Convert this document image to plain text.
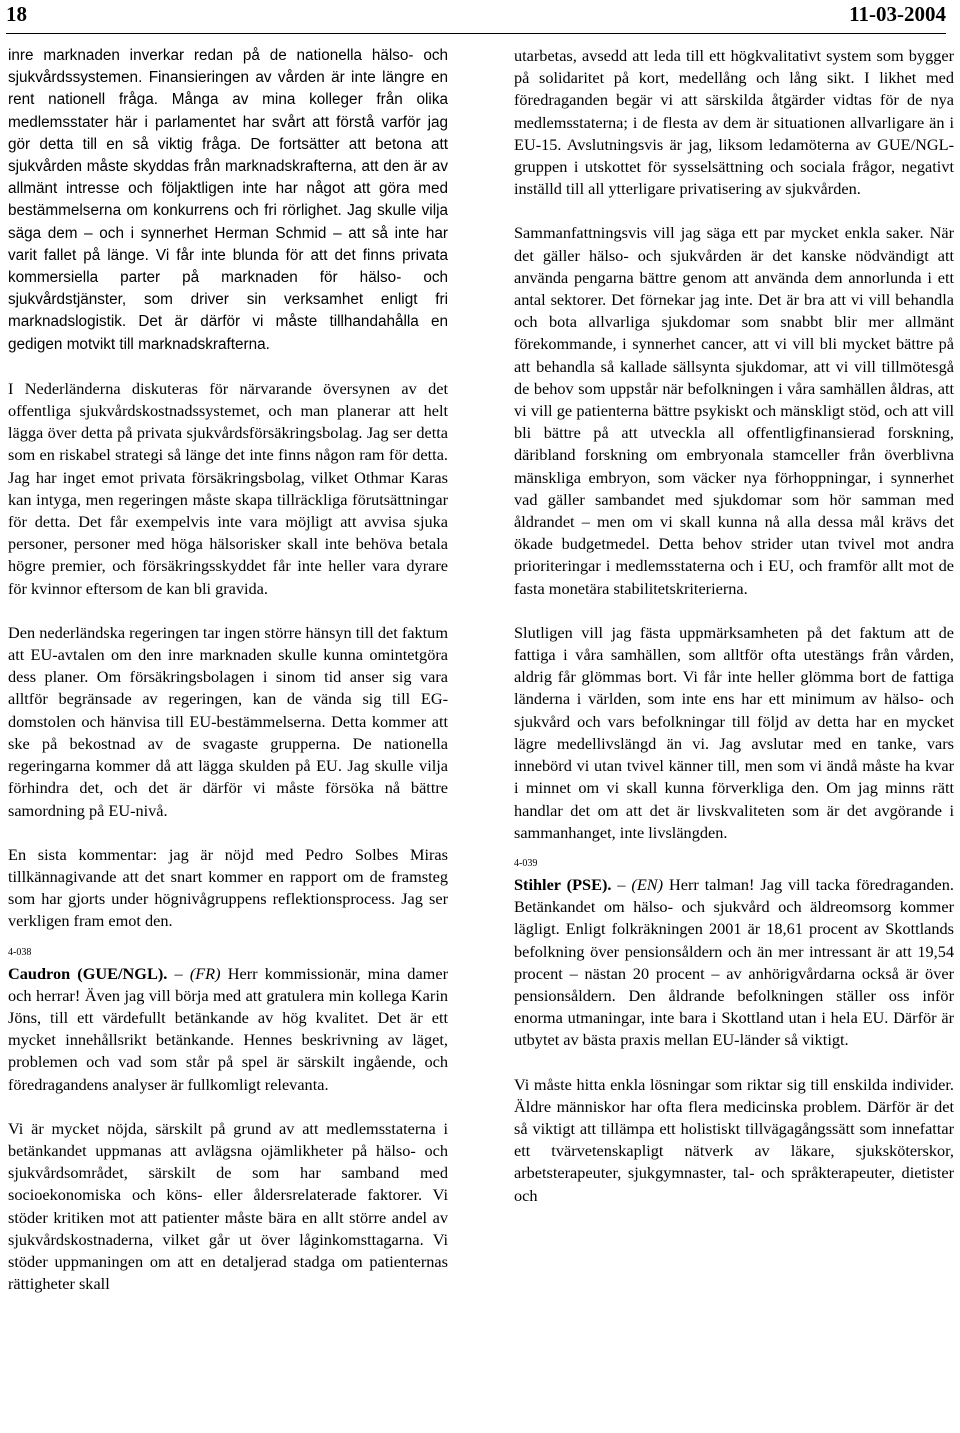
18	11-03-2004

inre marknaden inverkar redan på de nationella hälso- och sjukvårdssystemen. Finansieringen av vården är inte längre en rent nationell fråga. Många av mina kolleger från olika medlemsstater här i parlamentet har svårt att förstå varför jag gör detta till en så viktig fråga. De fortsätter att betona att sjukvården måste skyddas från marknadskrafterna, att den är av allmänt intresse och följaktligen inte har något att göra med bestämmelserna om konkurrens och fri rörlighet. Jag skulle vilja säga dem – och i synnerhet Herman Schmid – att så inte har varit fallet på länge. Vi får inte blunda för att det finns privata kommersiella parter på marknaden för hälso- och sjukvårdstjänster, som driver sin verksamhet enligt fri marknadslogistik. Det är därför vi måste tillhandahålla en gedigen motvikt till marknadskrafterna.

I Nederländerna diskuteras för närvarande översynen av det offentliga sjukvårdskostnadssystemet, och man planerar att helt lägga över detta på privata sjukvårdsförsäkringsbolag. Jag ser detta som en riskabel strategi så länge det inte finns någon ram för detta. Jag har inget emot privata försäkringsbolag, vilket Othmar Karas kan intyga, men regeringen måste skapa tillräckliga förutsättningar för detta. Det får exempelvis inte vara möjligt att avvisa sjuka personer, personer med höga hälsorisker skall inte behöva betala högre premier, och försäkringsskyddet får inte heller vara dyrare för kvinnor eftersom de kan bli gravida.

Den nederländska regeringen tar ingen större hänsyn till det faktum att EU-avtalen om den inre marknaden skulle kunna omintetgöra dess planer. Om försäkringsbolagen i sinom tid anser sig vara alltför begränsade av regeringen, kan de vända sig till EG-domstolen och hänvisa till EU-bestämmelserna. Detta kommer att ske på bekostnad av de svagaste grupperna. De nationella regeringarna kommer då att lägga skulden på EU. Jag skulle vilja förhindra det, och det är därför vi måste försöka nå bättre samordning på EU-nivå.

En sista kommentar: jag är nöjd med Pedro Solbes Miras tillkännagivande att det snart kommer en rapport om de framsteg som har gjorts under högnivågruppens reflektionsprocess. Jag ser verkligen fram emot den.

4-038

Caudron (GUE/NGL). – (FR) Herr kommissionär, mina damer och herrar! Även jag vill börja med att gratulera min kollega Karin Jöns, till ett värdefullt betänkande av hög kvalitet. Det är ett mycket innehållsrikt betänkande. Hennes beskrivning av läget, problemen och vad som står på spel är särskilt ingående, och föredragandens analyser är fullkomligt relevanta.

Vi är mycket nöjda, särskilt på grund av att medlemsstaterna i betänkandet uppmanas att avlägsna ojämlikheter på hälso- och sjukvårdsområdet, särskilt de som har samband med socioekonomiska och köns- eller åldersrelaterade faktorer. Vi stöder kritiken mot att patienter måste bära en allt större andel av sjukvårdskostnaderna, vilket går ut över låginkomsttagarna. Vi stöder uppmaningen om att en detaljerad stadga om patienternas rättigheter skall

utarbetas, avsedd att leda till ett högkvalitativt system som bygger på solidaritet på kort, medellång och lång sikt. I likhet med föredraganden begär vi att särskilda åtgärder vidtas för de nya medlemsstaterna; i de flesta av dem är situationen allvarligare än i EU-15. Avslutningsvis är jag, liksom ledamöterna av GUE/NGL-gruppen i utskottet för sysselsättning och sociala frågor, negativt inställd till all ytterligare privatisering av sjukvården.

Sammanfattningsvis vill jag säga ett par mycket enkla saker. När det gäller hälso- och sjukvården är det kanske nödvändigt att använda pengarna bättre genom att använda dem annorlunda i ett antal sektorer. Det förnekar jag inte. Det är bra att vi vill behandla och bota allvarliga sjukdomar som snabbt blir mer allmänt förekommande, i synnerhet cancer, att vi vill bli mycket bättre på att behandla så kallade sällsynta sjukdomar, att vi vill tillmötesgå de behov som uppstår när befolkningen i våra samhällen åldras, att vi vill ge patienterna bättre psykiskt och mänskligt stöd, och att vill bli bättre på att utveckla all offentligfinansierad forskning, däribland forskning om embryonala stamceller från överblivna mänskliga embryon, som väcker nya förhoppningar, i synnerhet vad gäller sambandet med sjukdomar som hör samman med åldrandet – men om vi skall kunna nå alla dessa mål krävs det ökade budgetmedel. Detta behov strider utan tvivel mot andra prioriteringar i medlemsstaterna och i EU, och framför allt mot de fasta monetära stabilitetskriterierna.

Slutligen vill jag fästa uppmärksamheten på det faktum att de fattiga i våra samhällen, som alltför ofta utestängs från vården, aldrig får glömmas bort. Vi får inte heller glömma bort de fattiga länderna i världen, som inte ens har ett minimum av hälso- och sjukvård och vars befolkningar till följd av detta har en mycket lägre medellivslängd än vi. Jag avslutar med en tanke, vars innebörd vi utan tvivel känner till, men som vi ändå måste ha kvar i minnet om vi skall kunna förverkliga den. Om jag minns rätt handlar det om att det är livskvaliteten som är det avgörande i sammanhanget, inte livslängden.

4-039

Stihler (PSE). – (EN) Herr talman! Jag vill tacka föredraganden. Betänkandet om hälso- och sjukvård och äldreomsorg kommer lägligt. Enligt folkräkningen 2001 är 18,61 procent av Skottlands befolkning över pensionsåldern och än mer intressant är att 19,54 procent – nästan 20 procent – av anhörigvårdarna också är över pensionsåldern. Den åldrande befolkningen ställer oss inför enorma utmaningar, inte bara i Skottland utan i hela EU. Därför är utbytet av bästa praxis mellan EU-länder så viktigt.

Vi måste hitta enkla lösningar som riktar sig till enskilda individer. Äldre människor har ofta flera medicinska problem. Därför är det så viktigt att tillämpa ett holistiskt tillvägagångssätt som innefattar ett tvärvetenskapligt nätverk av läkare, sjuksköterskor, arbetsterapeuter, sjukgymnaster, tal- och språkterapeuter, dietister och
